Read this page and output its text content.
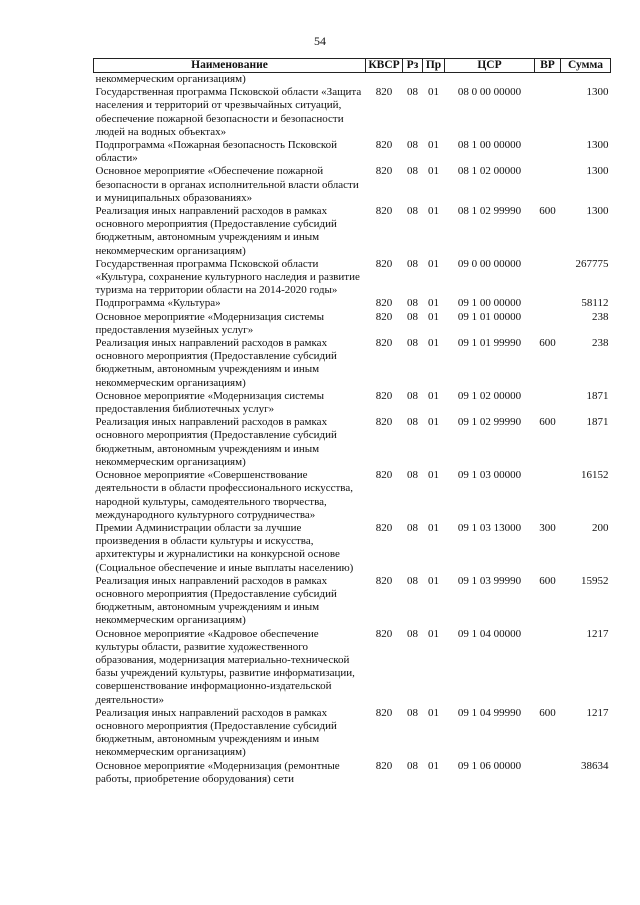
54
Наименование	КВСР	Рз	Пр	ЦСР	ВР	Сумма
некоммерческим организациям)						
Государственная программа Псковской области «Защита населения и территорий от чрезвычайных ситуаций, обеспечение пожарной безопасности и безопасности людей на водных объектах»	820	08	01	08 0 00 00000		1300
Подпрограмма «Пожарная безопасность Псковской области»	820	08	01	08 1 00 00000		1300
Основное мероприятие «Обеспечение пожарной безопасности в органах исполнительной власти области и муниципальных образованиях»	820	08	01	08 1 02 00000		1300
Реализация иных направлений расходов в рамках основного мероприятия (Предоставление субсидий бюджетным, автономным учреждениям и иным некоммерческим организациям)	820	08	01	08 1 02 99990	600	1300
Государственная программа Псковской области «Культура, сохранение культурного наследия и развитие туризма на территории области на 2014-2020 годы»	820	08	01	09 0 00 00000		267775
Подпрограмма «Культура»	820	08	01	09 1 00 00000		58112
Основное мероприятие «Модернизация системы предоставления музейных услуг»	820	08	01	09 1 01 00000		238
Реализация иных направлений расходов в рамках основного мероприятия (Предоставление субсидий бюджетным, автономным учреждениям и иным некоммерческим организациям)	820	08	01	09 1 01 99990	600	238
Основное мероприятие «Модернизация системы предоставления библиотечных услуг»	820	08	01	09 1 02 00000		1871
Реализация иных направлений расходов в рамках основного мероприятия (Предоставление субсидий бюджетным, автономным учреждениям и иным некоммерческим организациям)	820	08	01	09 1 02 99990	600	1871
Основное мероприятие «Совершенствование деятельности в области профессионального искусства, народной культуры, самодеятельного творчества, международного культурного сотрудничества»	820	08	01	09 1 03 00000		16152
Премии Администрации области за лучшие произведения в области культуры и искусства, архитектуры и журналистики на конкурсной основе (Социальное обеспечение и иные выплаты населению)	820	08	01	09 1 03 13000	300	200
Реализация иных направлений расходов в рамках основного мероприятия (Предоставление субсидий бюджетным, автономным учреждениям и иным некоммерческим организациям)	820	08	01	09 1 03 99990	600	15952
Основное мероприятие «Кадровое обеспечение культуры области, развитие художественного образования, модернизация материально-технической базы учреждений культуры, развитие информатизации, совершенствование информационно-издательской деятельности»	820	08	01	09 1 04 00000		1217
Реализация иных направлений расходов в рамках основного мероприятия (Предоставление субсидий бюджетным, автономным учреждениям и иным некоммерческим организациям)	820	08	01	09 1 04 99990	600	1217
Основное мероприятие «Модернизация (ремонтные работы, приобретение оборудования) сети	820	08	01	09 1 06 00000		38634
